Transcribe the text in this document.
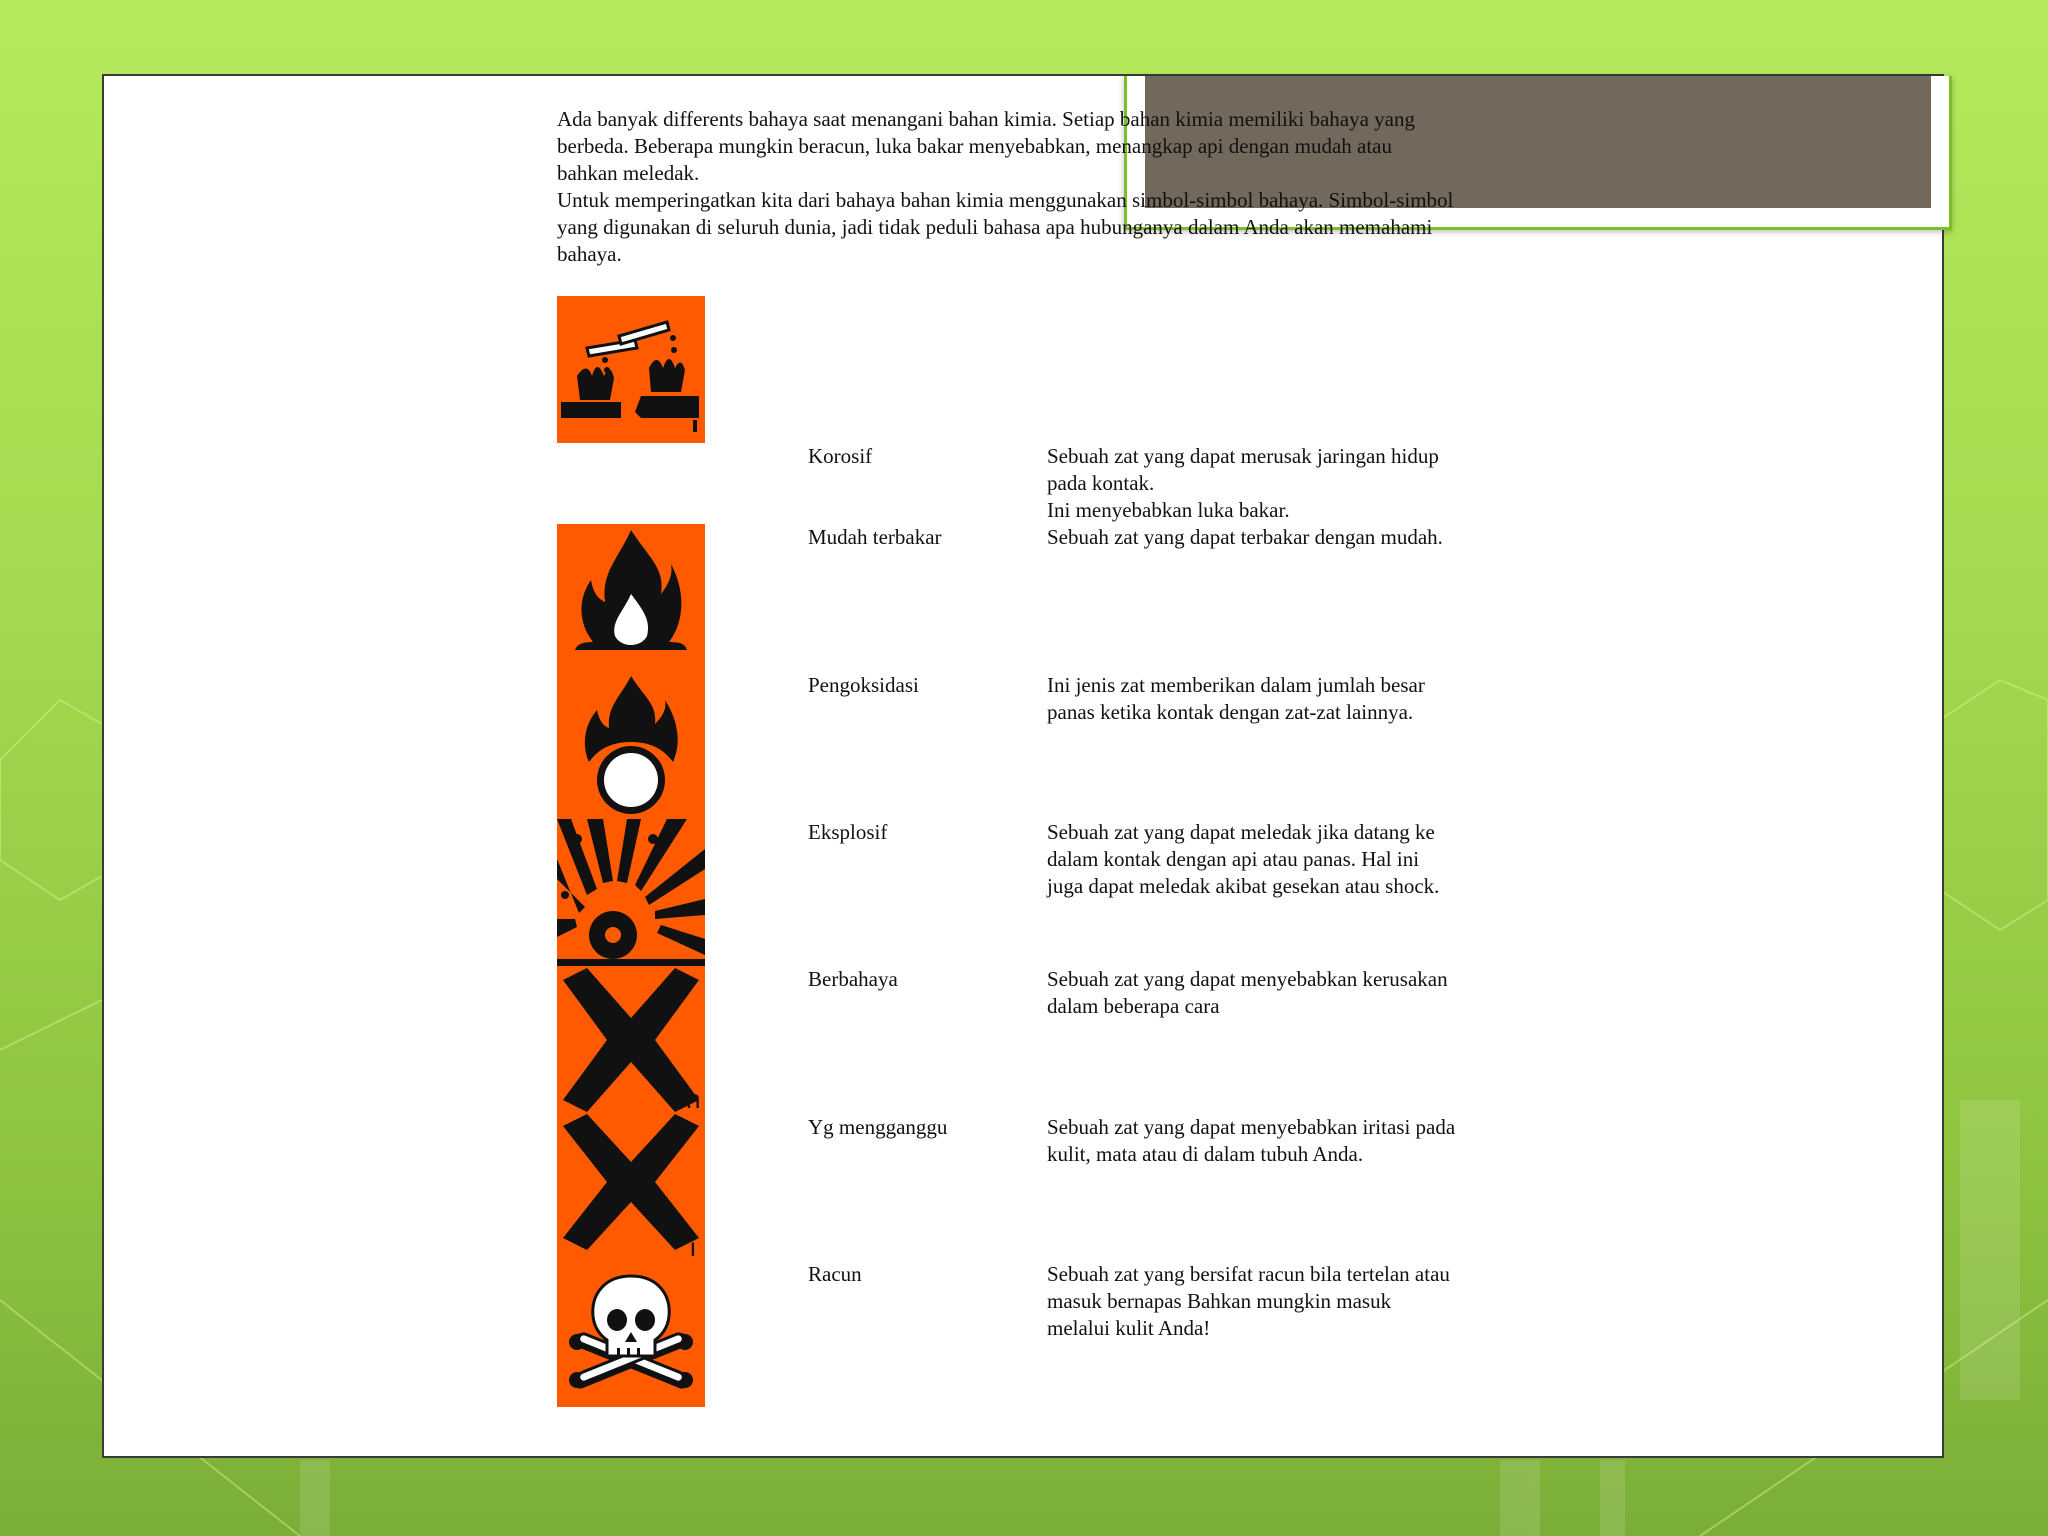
Ada banyak differents bahaya saat menangani bahan kimia. Setiap bahan kimia memiliki bahaya yang berbeda. Beberapa mungkin beracun, luka bakar menyebabkan, menangkap api dengan mudah atau bahkan meledak.

Untuk memperingatkan kita dari bahaya bahan kimia menggunakan simbol-simbol bahaya. Simbol-simbol yang digunakan di seluruh dunia, jadi tidak peduli bahasa apa hubunganya dalam Anda akan memahami bahaya.

h
i
Korosif
Mudah terbakar
Pengoksidasi
Eksplosif
Berbahaya
Yg mengganggu
Racun
Sebuah zat yang dapat merusak jaringan hidup pada kontak.
Ini menyebabkan luka bakar.
Sebuah zat yang dapat terbakar dengan mudah.
Ini jenis zat memberikan dalam jumlah besar panas ketika kontak dengan zat-zat lainnya.
Sebuah zat yang dapat meledak jika datang ke dalam kontak dengan api atau panas. Hal ini juga dapat meledak akibat gesekan atau shock.
Sebuah zat yang dapat menyebabkan kerusakan dalam beberapa cara
Sebuah zat yang dapat menyebabkan iritasi pada kulit, mata atau di dalam tubuh Anda.
Sebuah zat yang bersifat racun bila tertelan atau masuk bernapas Bahkan mungkin masuk melalui kulit Anda!
